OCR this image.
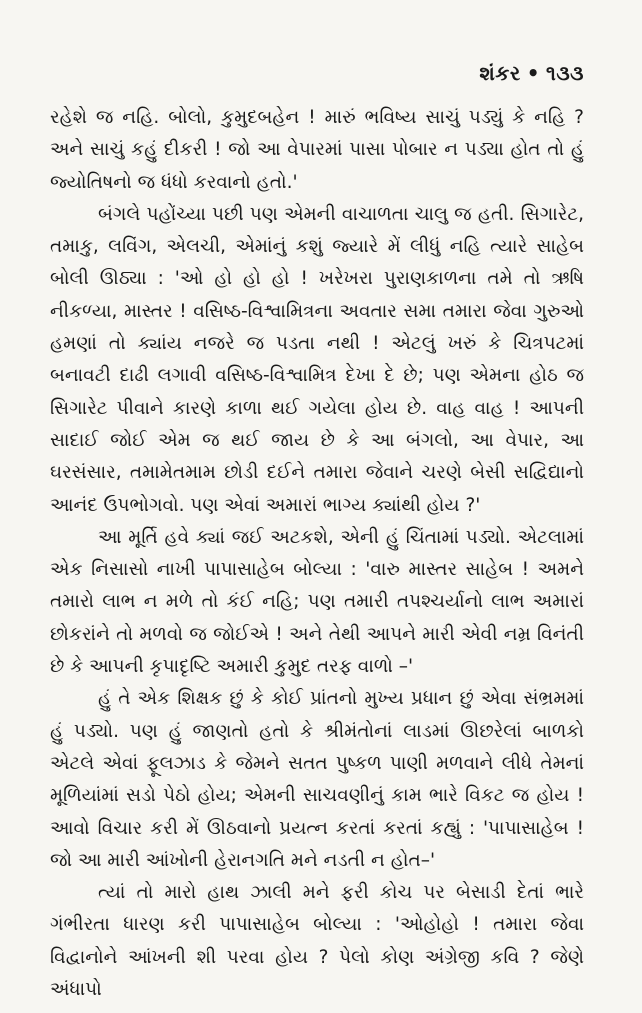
શંકર • ૧૩૩

રહેશે જ નહિ. બોલો, કુમુદબહેન ! મારું ભવિષ્ય સાચું પડ્યું કે નહિ ? અને સાચું કહું દીકરી ! જો આ વેપારમાં પાસા પોબાર ન પડ્યા હોત તો હું જ્યોતિષનો જ ધંધો કરવાનો હતો.'

બંગલે પહોંચ્યા પછી પણ એમની વાચાળતા ચાલુ જ હતી. સિગારેટ, તમાકુ, લવિંગ, એલચી, એમાંનું કશું જ્યારે મેં લીધું નહિ ત્યારે સાહેબ બોલી ઊઠ્યા : 'ઓ હો હો હો ! ખરેખરા પુરાણકાળના તમે તો ઋષિ નીકળ્યા, માસ્તર ! વસિષ્ઠ-વિશ્વામિત્રના અવતાર સમા તમારા જેવા ગુરુઓ હમણાં તો ક્યાંય નજરે જ પડતા નથી ! એટલું ખરું કે ચિત્રપટમાં બનાવટી દાઢી લગાવી વસિષ્ઠ-વિશ્વામિત્ર દેખા દે છે; પણ એમના હોઠ જ સિગારેટ પીવાને કારણે કાળા થઈ ગયેલા હોય છે. વાહ વાહ ! આપની સાદાઈ જોઈ એમ જ થઈ જાય છે કે આ બંગલો, આ વેપાર, આ ઘરસંસાર, તમામેતમામ છોડી દઈને તમારા જેવાને ચરણે બેસી સદ્વિદ્યાનો આનંદ ઉપભોગવો. પણ એવાં અમારાં ભાગ્ય ક્યાંથી હોય ?'

આ મૂર્તિ હવે ક્યાં જઈ અટકશે, એની હું ચિંતામાં પડ્યો. એટલામાં એક નિસાસો નાખી પાપાસાહેબ બોલ્યા : 'વારુ માસ્તર સાહેબ ! અમને તમારો લાભ ન મળે તો કંઈ નહિ; પણ તમારી તપશ્ચર્યાનો લાભ અમારાં છોકરાંને તો મળવો જ જોઈએ ! અને તેથી આપને મારી એવી નમ્ર વિનંતી છે કે આપની કૃપાદૃષ્ટિ અમારી કુમુદ તરફ વાળો –'

હું તે એક શિક્ષક છું કે કોઈ પ્રાંતનો મુખ્ય પ્રધાન છું એવા સંભ્રમમાં હું પડ્યો. પણ હું જાણતો હતો કે શ્રીમંતોનાં લાડમાં ઊછરેલાં બાળકો એટલે એવાં ફૂલઝાડ કે જેમને સતત પુષ્કળ પાણી મળવાને લીધે તેમનાં મૂળિયાંમાં સડો પેઠો હોય; એમની સાચવણીનું કામ ભારે વિકટ જ હોય ! આવો વિચાર કરી મેં ઊઠવાનો પ્રયત્ન કરતાં કરતાં કહ્યું : 'પાપાસાહેબ ! જો આ મારી આંખોની હેરાનગતિ મને નડતી ન હોત–'

ત્યાં તો મારો હાથ ઝાલી મને ફરી કોચ પર બેસાડી દેતાં ભારે ગંભીરતા ધારણ કરી પાપાસાહેબ બોલ્યા : 'ઓહોહો ! તમારા જેવા વિદ્વાનોને આંખની શી પરવા હોય ? પેલો કોણ અંગ્રેજી કવિ ? જેણે અંધાપો
